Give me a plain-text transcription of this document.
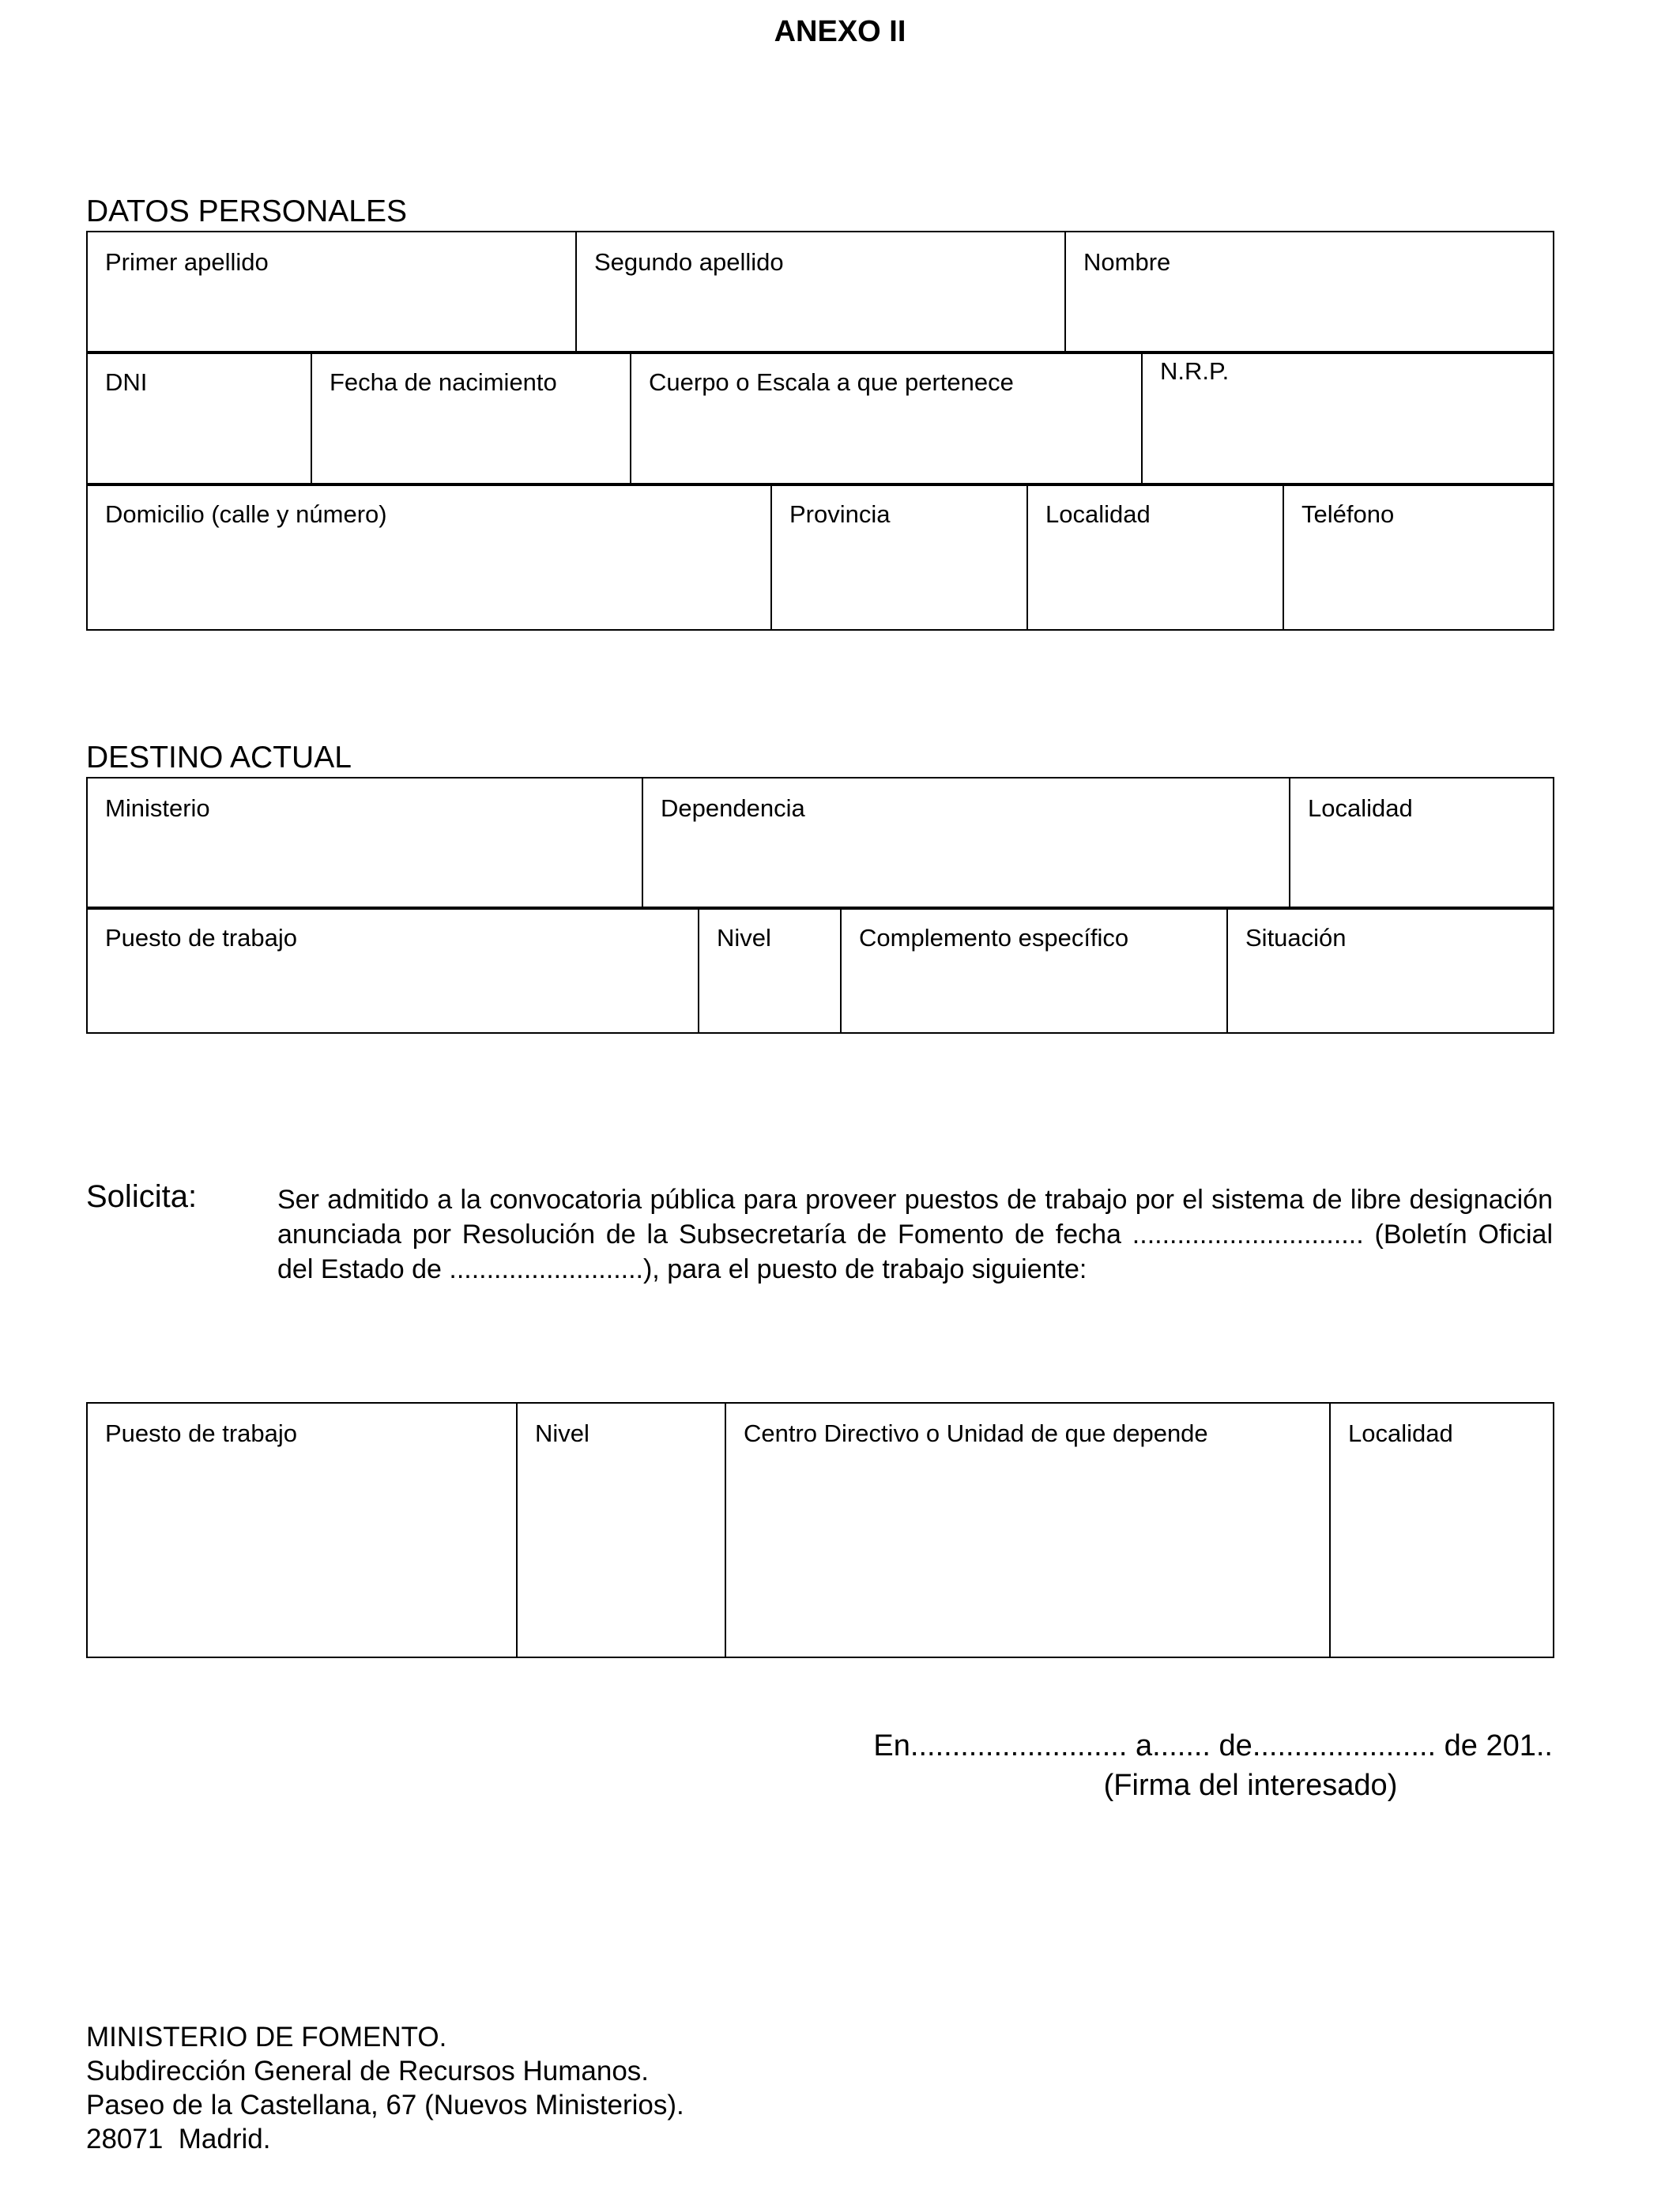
ANEXO II
DATOS PERSONALES
Primer apellido	Segundo apellido	Nombre
DNI	Fecha de nacimiento	Cuerpo o Escala a que pertenece	N.R.P.
Domicilio (calle y número)	Provincia	Localidad	Teléfono
DESTINO ACTUAL
Ministerio	Dependencia	Localidad
Puesto de trabajo	Nivel	Complemento específico	Situación
Solicita:	Ser admitido a la convocatoria pública para proveer puestos de trabajo por el sistema de libre designación anunciada por Resolución de la Subsecretaría de Fomento de fecha ............................... (Boletín Oficial del Estado de ..........................), para el puesto de trabajo siguiente:
Puesto de trabajo	Nivel	Centro Directivo o Unidad de que depende	Localidad
En.......................... a....... de...................... de 201..
(Firma del interesado)
MINISTERIO DE FOMENTO.
Subdirección General de Recursos Humanos.
Paseo de la Castellana, 67 (Nuevos Ministerios).
28071  Madrid.
